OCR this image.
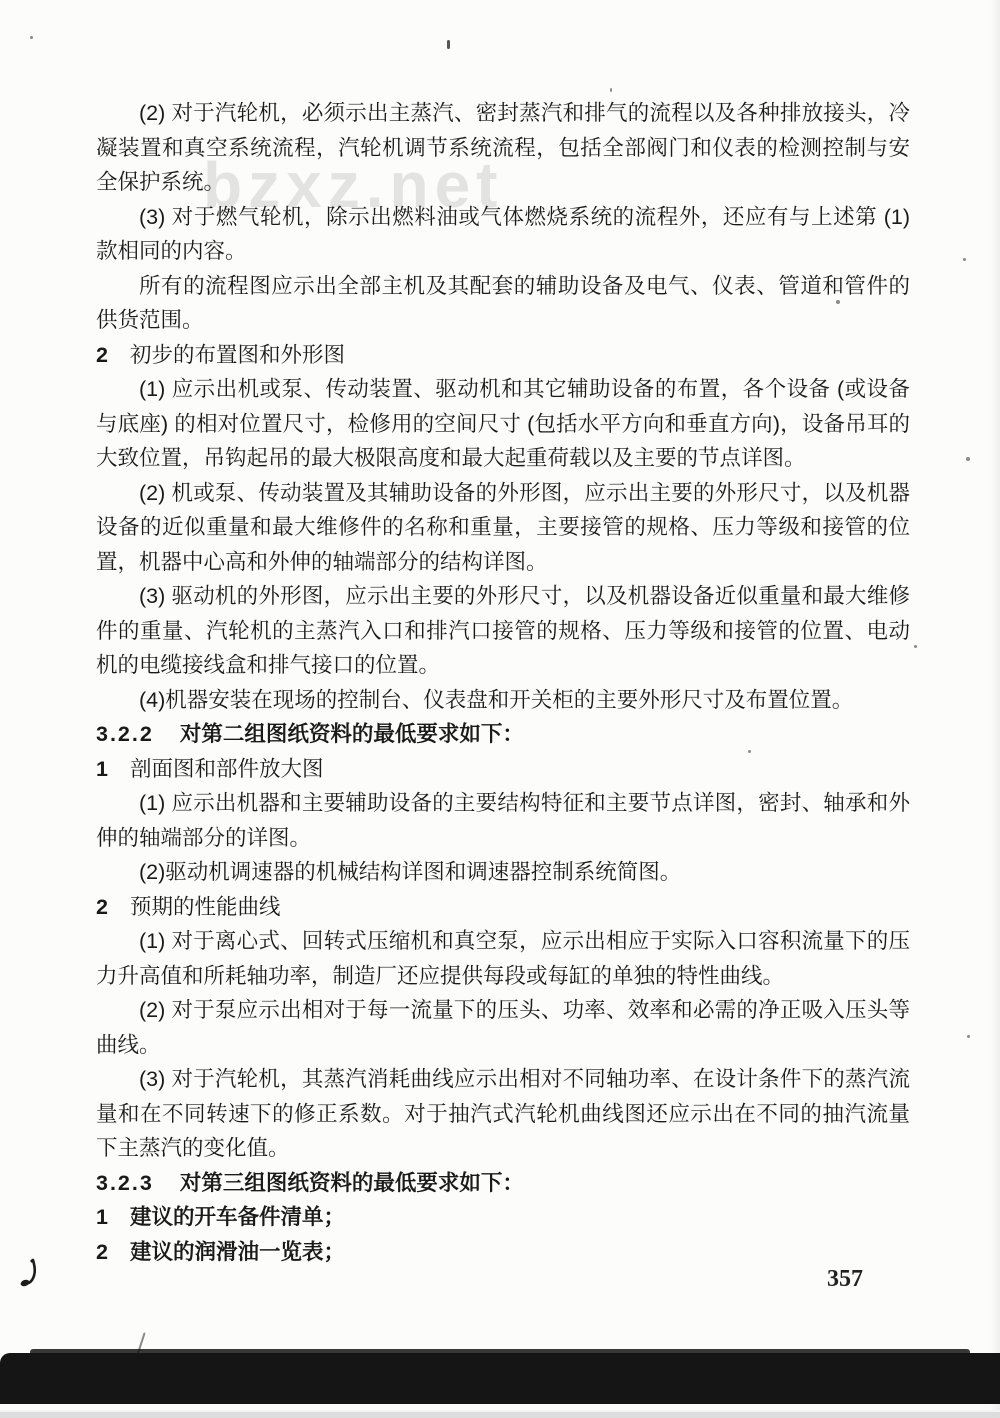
bzxz.net

(2) 对于汽轮机，必须示出主蒸汽、密封蒸汽和排气的流程以及各种排放接头，冷凝装置和真空系统流程，汽轮机调节系统流程，包括全部阀门和仪表的检测控制与安全保护系统。

(3) 对于燃气轮机，除示出燃料油或气体燃烧系统的流程外，还应有与上述第 (1) 款相同的内容。

所有的流程图应示出全部主机及其配套的辅助设备及电气、仪表、管道和管件的供货范围。

2 初步的布置图和外形图

(1) 应示出机或泵、传动装置、驱动机和其它辅助设备的布置，各个设备 (或设备与底座) 的相对位置尺寸，检修用的空间尺寸 (包括水平方向和垂直方向)，设备吊耳的大致位置，吊钩起吊的最大极限高度和最大起重荷载以及主要的节点详图。

(2) 机或泵、传动装置及其辅助设备的外形图，应示出主要的外形尺寸，以及机器设备的近似重量和最大维修件的名称和重量，主要接管的规格、压力等级和接管的位置，机器中心高和外伸的轴端部分的结构详图。

(3) 驱动机的外形图，应示出主要的外形尺寸，以及机器设备近似重量和最大维修件的重量、汽轮机的主蒸汽入口和排汽口接管的规格、压力等级和接管的位置、电动机的电缆接线盒和排气接口的位置。

(4)机器安装在现场的控制台、仪表盘和开关柜的主要外形尺寸及布置位置。

3.2.2 对第二组图纸资料的最低要求如下：

1 剖面图和部件放大图

(1) 应示出机器和主要辅助设备的主要结构特征和主要节点详图，密封、轴承和外伸的轴端部分的详图。

(2)驱动机调速器的机械结构详图和调速器控制系统简图。

2 预期的性能曲线

(1) 对于离心式、回转式压缩机和真空泵，应示出相应于实际入口容积流量下的压力升高值和所耗轴功率，制造厂还应提供每段或每缸的单独的特性曲线。

(2) 对于泵应示出相对于每一流量下的压头、功率、效率和必需的净正吸入压头等曲线。

(3) 对于汽轮机，其蒸汽消耗曲线应示出相对不同轴功率、在设计条件下的蒸汽流量和在不同转速下的修正系数。对于抽汽式汽轮机曲线图还应示出在不同的抽汽流量下主蒸汽的变化值。

3.2.3 对第三组图纸资料的最低要求如下：

1 建议的开车备件清单；

2 建议的润滑油一览表；

357
